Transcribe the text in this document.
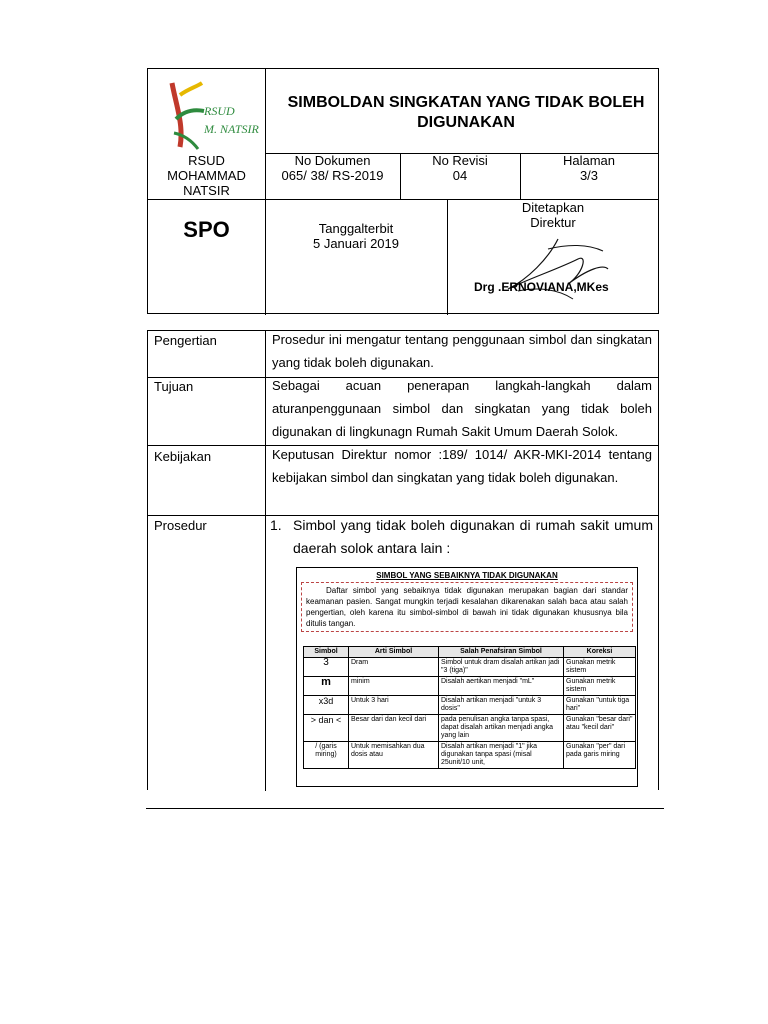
RSUD
M. NATSIR
RSUD
MOHAMMAD
NATSIR
SIMBOLDAN SINGKATAN YANG TIDAK BOLEH DIGUNAKAN
No Dokumen
065/ 38/ RS-2019
No Revisi
04
Halaman
3/3
SPO	Tanggalterbit
5 Januari 2019
Ditetapkan
Direktur
Drg .ERNOVIANA,MKes
Pengertian	Prosedur ini mengatur tentang penggunaan simbol dan singkatan yang tidak boleh digunakan.
Tujuan	Sebagai acuan penerapan langkah-langkah dalam aturanpenggunaan simbol dan singkatan yang tidak boleh digunakan di lingkunagn Rumah Sakit Umum Daerah Solok.
Kebijakan	Keputusan Direktur nomor :189/ 1014/ AKR-MKI-2014 tentang kebijakan simbol dan singkatan yang tidak boleh digunakan.
Prosedur	1. Simbol yang tidak boleh digunakan di rumah sakit umum daerah solok antara lain :
SIMBOL YANG SEBAIKNYA TIDAK DIGUNAKAN
Daftar simbol yang sebaiknya tidak digunakan merupakan bagian dari standar keamanan pasien. Sangat mungkin terjadi kesalahan dikarenakan salah baca atau salah pengertian, oleh karena itu simbol-simbol di bawah ini tidak digunakan khususnya bila ditulis tangan.
Simbol	Arti Simbol	Salah Penafsiran Simbol	Koreksi
3	Dram	Simbol untuk dram disalah artikan jadi "3 (tiga)"	Gunakan metrik sistem
m	minim	Disalah aertikan menjadi "mL"	Gunakan metrik sistem
x3d	Untuk 3 hari	Disalah artikan menjadi "untuk 3 dosis"	Gunakan "untuk tiga hari"
> dan <	Besar dari dan kecil dari	pada penulisan angka tanpa spasi, dapat disalah artikan menjadi angka yang lain	Gunakan "besar dari" atau "kecil dari"
/ (garis miring)	Untuk memisahkan dua dosis atau	Disalah artikan menjadi "1" jika digunakan tanpa spasi (misal 25unit/10 unit,	Gunakan "per" dari pada garis miring
